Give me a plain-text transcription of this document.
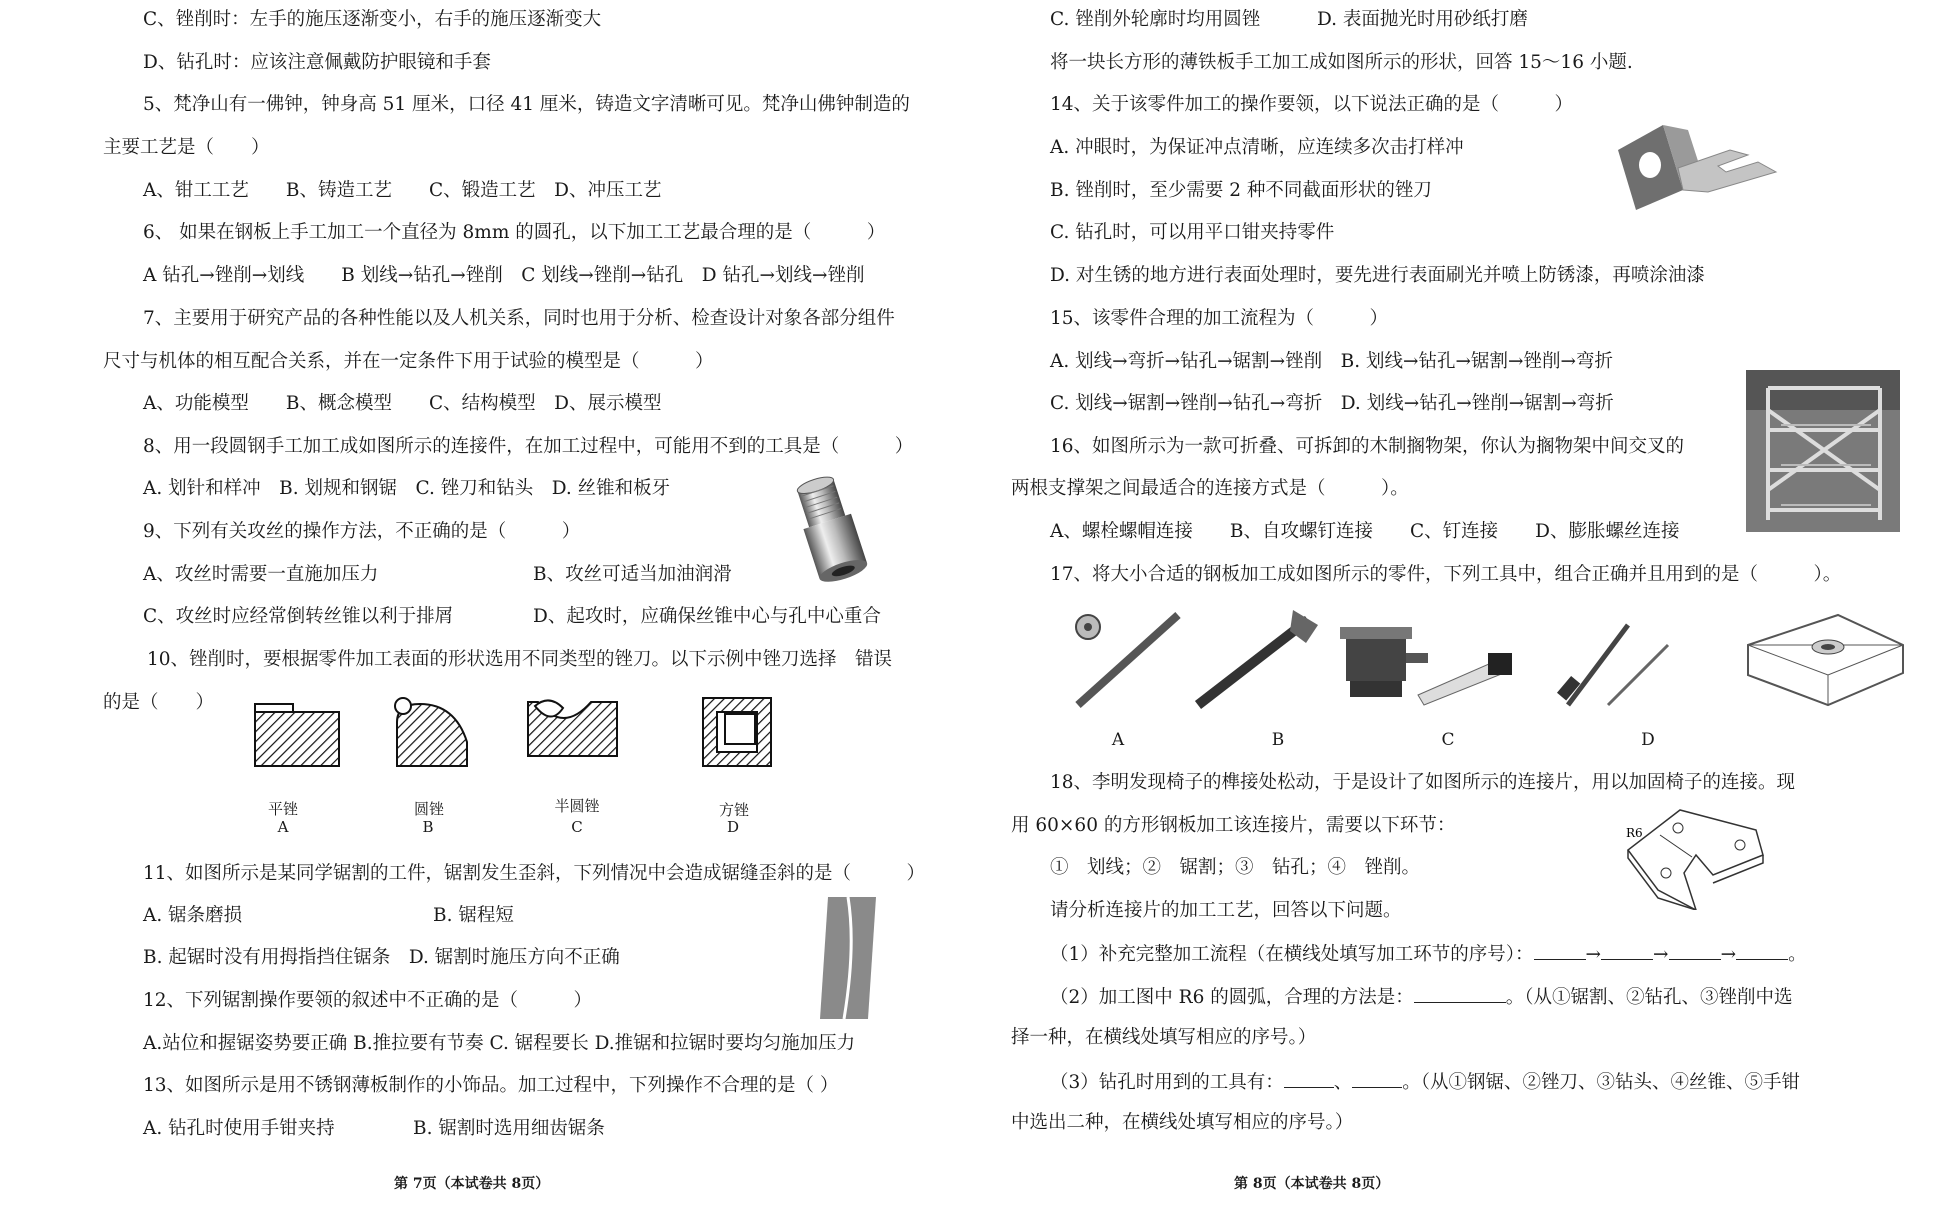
C、锉削时：左手的施压逐渐变小，右手的施压逐渐变大
D、钻孔时：应该注意佩戴防护眼镜和手套
5、梵净山有一佛钟，钟身高 51 厘米，口径 41 厘米，铸造文字清晰可见。梵净山佛钟制造的
主要工艺是（　　）
A、钳工工艺　　B、铸造工艺　　C、锻造工艺　D、冲压工艺
6、 如果在钢板上手工加工一个直径为 8mm 的圆孔，以下加工工艺最合理的是（　　　）
A 钻孔→锉削→划线　　B 划线→钻孔→锉削　C 划线→锉削→钻孔　D 钻孔→划线→锉削
7、主要用于研究产品的各种性能以及人机关系，同时也用于分析、检查设计对象各部分组件
尺寸与机体的相互配合关系，并在一定条件下用于试验的模型是（　　　）
A、功能模型　　B、概念模型　　C、结构模型　D、展示模型
8、用一段圆钢手工加工成如图所示的连接件，在加工过程中，可能用不到的工具是（　　　）
A. 划针和样冲　B. 划规和钢锯　C. 锉刀和钻头　D. 丝锥和板牙
9、下列有关攻丝的操作方法，不正确的是（　　　）
A、攻丝时需要一直施加压力	B、攻丝可适当加油润滑
C、攻丝时应经常倒转丝锥以利于排屑	D、起攻时，应确保丝锥中心与孔中心重合
10、锉削时，要根据零件加工表面的形状选用不同类型的锉刀。以下示例中锉刀选择　错误
的是（　　）
平锉
A
圆锉
B
半圆锉
C
方锉
D
11、如图所示是某同学锯割的工件，锯割发生歪斜，下列情况中会造成锯缝歪斜的是（　　　）
A. 锯条磨损	B. 锯程短
B. 起锯时没有用拇指挡住锯条　D. 锯割时施压方向不正确
12、下列锯割操作要领的叙述中不正确的是（　　　）
A.站位和握锯姿势要正确 B.推拉要有节奏 C. 锯程要长 D.推锯和拉锯时要均匀施加压力
13、如图所示是用不锈钢薄板制作的小饰品。加工过程中，下列操作不合理的是（ ）
A. 钻孔时使用手钳夹持	B. 锯割时选用细齿锯条
第 7页（本试卷共 8页）
C. 锉削外轮廓时均用圆锉	D. 表面抛光时用砂纸打磨
将一块长方形的薄铁板手工加工成如图所示的形状，回答 15～16 小题.
14、关于该零件加工的操作要领，以下说法正确的是（　　　）
A. 冲眼时，为保证冲点清晰，应连续多次击打样冲
B. 锉削时，至少需要 2 种不同截面形状的锉刀
C. 钻孔时，可以用平口钳夹持零件
D. 对生锈的地方进行表面处理时，要先进行表面刷光并喷上防锈漆，再喷涂油漆
15、该零件合理的加工流程为（　　　）
A. 划线→弯折→钻孔→锯割→锉削　B. 划线→钻孔→锯割→锉削→弯折
C. 划线→锯割→锉削→钻孔→弯折　D. 划线→钻孔→锉削→锯割→弯折
16、如图所示为一款可折叠、可拆卸的木制搁物架，你认为搁物架中间交叉的
两根支撑架之间最适合的连接方式是（　　　）。
A、螺栓螺帽连接　　B、自攻螺钉连接　　C、钉连接　　D、膨胀螺丝连接
17、将大小合适的钢板加工成如图所示的零件，下列工具中，组合正确并且用到的是（　　　）。
A	B	C	D
18、李明发现椅子的榫接处松动，于是设计了如图所示的连接片，用以加固椅子的连接。现
用 60×60 的方形钢板加工该连接片，需要以下环节：	R6
①　划线；②　锯割；③　钻孔；④　锉削。
请分析连接片的加工工艺，回答以下问题。
（1）补充完整加工流程（在横线处填写加工环节的序号）：	→	→	→	。
（2）加工图中 R6 的圆弧，合理的方法是：	。（从①锯割、②钻孔、③锉削中选
择一种，在横线处填写相应的序号。）
（3）钻孔时用到的工具有：	、	。（从①钢锯、②锉刀、③钻头、④丝锥、⑤手钳
中选出二种，在横线处填写相应的序号。）
第 8页（本试卷共 8页）
